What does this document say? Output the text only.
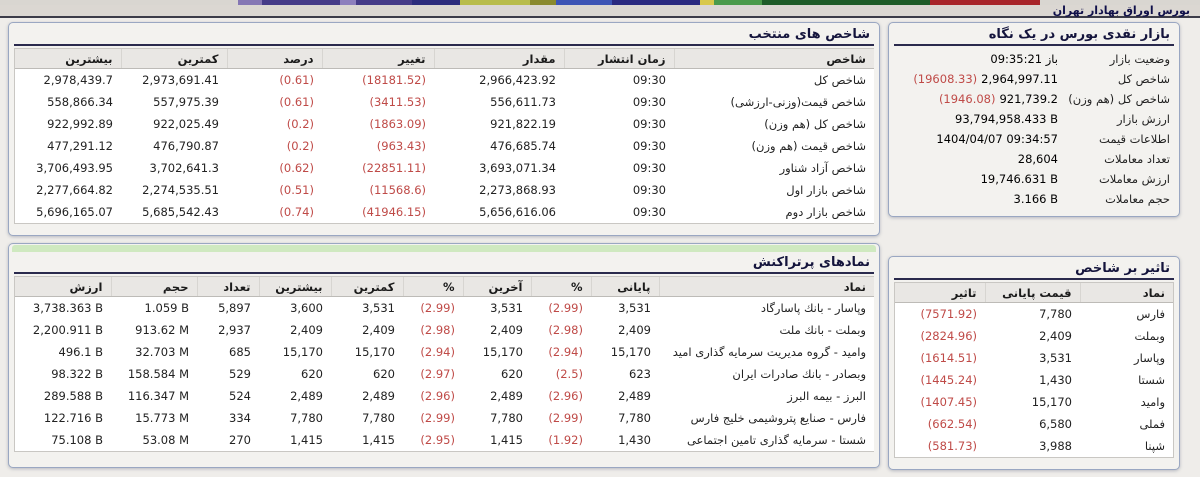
بورس اوراق بهادار تهران
شاخص های منتخب
شاخص	زمان انتشار	مقدار	تغییر	درصد	کمترین	بیشترین
شاخص کل	09:30	2,966,423.92	(18181.52)	(0.61)	2,973,691.41	2,978,439.7
شاخص قیمت(وزنی-ارزشی)	09:30	556,611.73	(3411.53)	(0.61)	557,975.39	558,866.34
شاخص کل (هم وزن)	09:30	921,822.19	(1863.09)	(0.2)	922,025.49	922,992.89
شاخص قیمت (هم وزن)	09:30	476,685.74	(963.43)	(0.2)	476,790.87	477,291.12
شاخص آزاد شناور	09:30	3,693,071.34	(22851.11)	(0.62)	3,702,641.3	3,706,493.95
شاخص بازار اول	09:30	2,273,868.93	(11568.6)	(0.51)	2,274,535.51	2,277,664.82
شاخص بازار دوم	09:30	5,656,616.06	(41946.15)	(0.74)	5,685,542.43	5,696,165.07
نمادهای پرتراکنش
نماد	پایانی	%	آخرین	%	کمترین	بیشترین	تعداد	حجم	ارزش
وپاسار - بانك پاسارگاد	3,531	(2.99)	3,531	(2.99)	3,531	3,600	5,897	1.059 B	3,738.363 B
وبملت - بانك ملت	2,409	(2.98)	2,409	(2.98)	2,409	2,409	2,937	913.62 M	2,200.911 B
وامید - گروه مدیریت سرمایه گذاری امید	15,170	(2.94)	15,170	(2.94)	15,170	15,170	685	32.703 M	496.1 B
وبصادر - بانك صادرات ایران	623	(2.5)	620	(2.97)	620	620	529	158.584 M	98.322 B
البرز - بیمه البرز	2,489	(2.96)	2,489	(2.96)	2,489	2,489	524	116.347 M	289.588 B
فارس - صنایع پتروشیمی خلیج فارس	7,780	(2.99)	7,780	(2.99)	7,780	7,780	334	15.773 M	122.716 B
شستا - سرمایه گذاری تامین اجتماعی	1,430	(1.92)	1,415	(2.95)	1,415	1,415	270	53.08 M	75.108 B
بازار نقدی بورس در یک نگاه
وضعیت بازار
باز 09:35:21
شاخص کل
(19608.33) 2,964,997.11
شاخص کل (هم وزن)
(1946.08) 921,739.2
ارزش بازار
93,794,958.433 B
اطلاعات قیمت
1404/04/07 09:34:57
تعداد معاملات
28,604
ارزش معاملات
19,746.631 B
حجم معاملات
3.166 B
تاثیر بر شاخص
نماد	قیمت پایانی	تاثیر
فارس	7,780	(7571.92)
وبملت	2,409	(2824.96)
وپاسار	3,531	(1614.51)
شستا	1,430	(1445.24)
وامید	15,170	(1407.45)
فملی	6,580	(662.54)
شپنا	3,988	(581.73)
